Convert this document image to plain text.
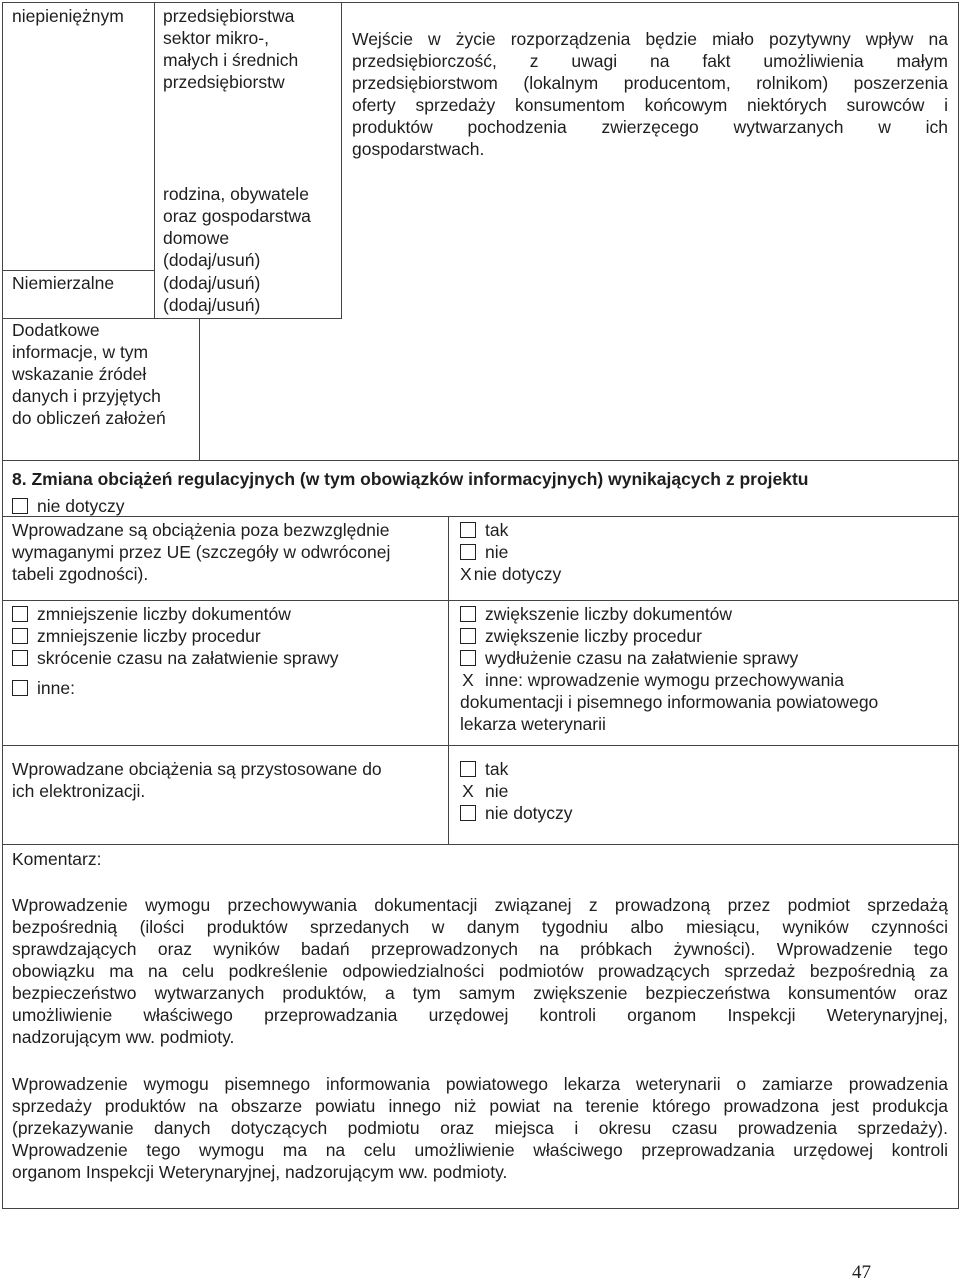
niepieniężnym przedsiębiorstwa
sektor mikro-,
małych i średnich
przedsiębiorstw
Wejście w życie rozporządzenia będzie miało pozytywny wpływ na
przedsiębiorczość, z uwagi na fakt umożliwienia małym
przedsiębiorstwom (lokalnym producentom, rolnikom) poszerzenia
oferty sprzedaży konsumentom końcowym niektórych surowców i
produktów pochodzenia zwierzęcego wytwarzanych w ich
gospodarstwach.
rodzina, obywatele
oraz gospodarstwa
domowe
(dodaj/usuń)
Niemierzalne	(dodaj/usuń)
(dodaj/usuń)
Dodatkowe
informacje, w tym
wskazanie źródeł
danych i przyjętych
do obliczeń założeń
8. Zmiana obciążeń regulacyjnych (w tym obowiązków informacyjnych) wynikających z projektu
nie dotyczy
Wprowadzane są obciążenia poza bezwzględnie
wymaganymi przez UE (szczegóły w odwróconej
tabeli zgodności).
tak
nie
X nie dotyczy
zmniejszenie liczby dokumentów
zmniejszenie liczby procedur
skrócenie czasu na załatwienie sprawy
inne:
zwiększenie liczby dokumentów
zwiększenie liczby procedur
wydłużenie czasu na załatwienie sprawy
X inne: wprowadzenie wymogu przechowywania
dokumentacji i pisemnego informowania powiatowego
lekarza weterynarii
Wprowadzane obciążenia są przystosowane do
ich elektronizacji.
tak
X nie
nie dotyczy
Komentarz:
Wprowadzenie wymogu przechowywania dokumentacji związanej z prowadzoną przez podmiot sprzedażą
bezpośrednią (ilości produktów sprzedanych w danym tygodniu albo miesiącu, wyników czynności
sprawdzających oraz wyników badań przeprowadzonych na próbkach żywności). Wprowadzenie tego
obowiązku ma na celu podkreślenie odpowiedzialności podmiotów prowadzących sprzedaż bezpośrednią za
bezpieczeństwo wytwarzanych produktów, a tym samym zwiększenie bezpieczeństwa konsumentów oraz
umożliwienie właściwego przeprowadzania urzędowej kontroli organom Inspekcji Weterynaryjnej,
nadzorującym ww. podmioty.
Wprowadzenie wymogu pisemnego informowania powiatowego lekarza weterynarii o zamiarze prowadzenia
sprzedaży produktów na obszarze powiatu innego niż powiat na terenie którego prowadzona jest produkcja
(przekazywanie danych dotyczących podmiotu oraz miejsca i okresu czasu prowadzenia sprzedaży).
Wprowadzenie tego wymogu ma na celu umożliwienie właściwego przeprowadzania urzędowej kontroli
organom Inspekcji Weterynaryjnej, nadzorującym ww. podmioty.
47
